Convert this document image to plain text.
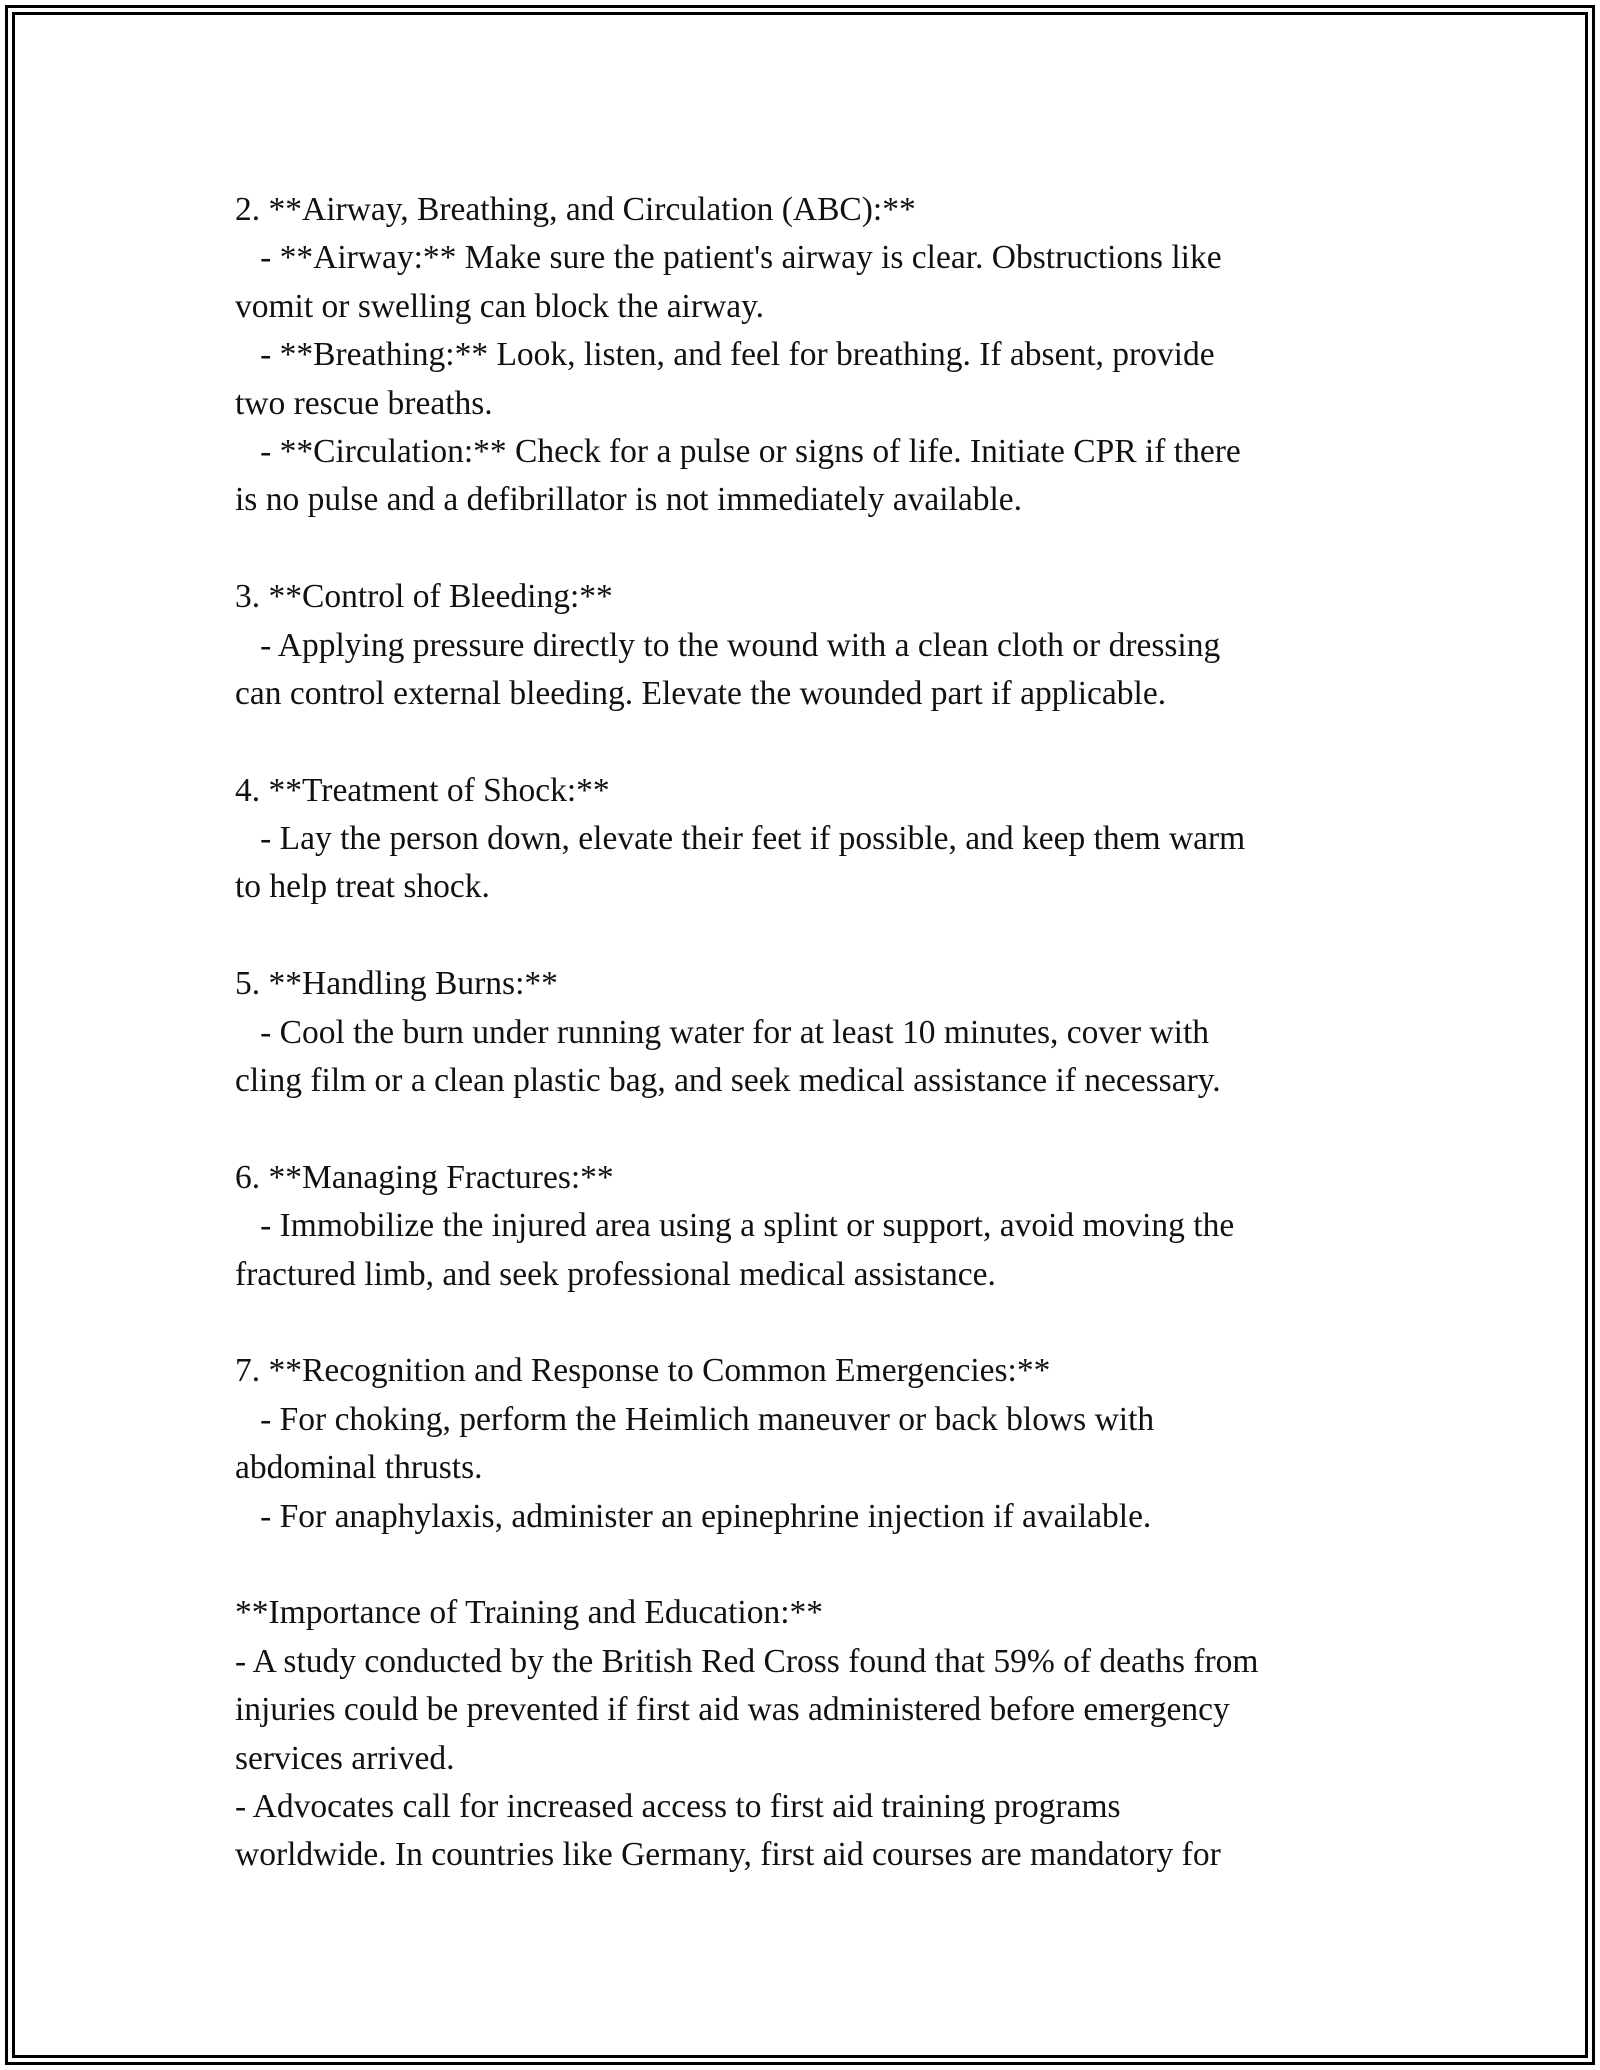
2. **Airway, Breathing, and Circulation (ABC):**
- **Airway:** Make sure the patient's airway is clear. Obstructions like
vomit or swelling can block the airway.
- **Breathing:** Look, listen, and feel for breathing. If absent, provide
two rescue breaths.
- **Circulation:** Check for a pulse or signs of life. Initiate CPR if there
is no pulse and a defibrillator is not immediately available.
3. **Control of Bleeding:**
- Applying pressure directly to the wound with a clean cloth or dressing
can control external bleeding. Elevate the wounded part if applicable.
4. **Treatment of Shock:**
- Lay the person down, elevate their feet if possible, and keep them warm
to help treat shock.
5. **Handling Burns:**
- Cool the burn under running water for at least 10 minutes, cover with
cling film or a clean plastic bag, and seek medical assistance if necessary.
6. **Managing Fractures:**
- Immobilize the injured area using a splint or support, avoid moving the
fractured limb, and seek professional medical assistance.
7. **Recognition and Response to Common Emergencies:**
- For choking, perform the Heimlich maneuver or back blows with
abdominal thrusts.
- For anaphylaxis, administer an epinephrine injection if available.
**Importance of Training and Education:**
- A study conducted by the British Red Cross found that 59% of deaths from
injuries could be prevented if first aid was administered before emergency
services arrived.
- Advocates call for increased access to first aid training programs
worldwide. In countries like Germany, first aid courses are mandatory for
